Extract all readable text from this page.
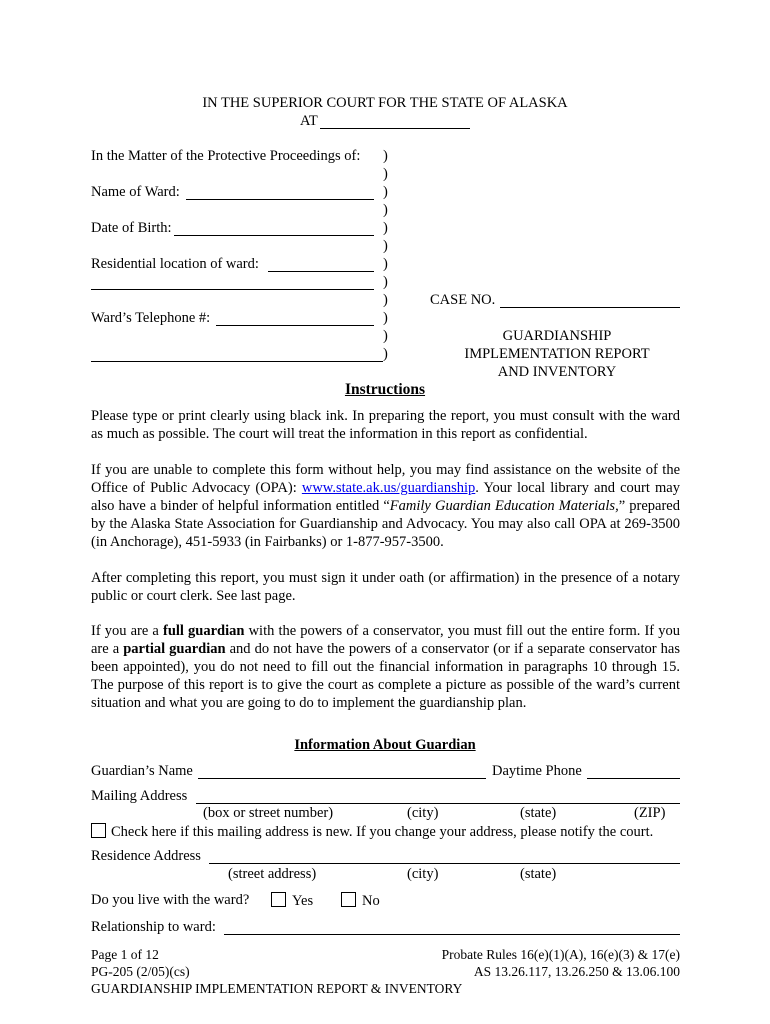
IN THE SUPERIOR COURT FOR THE STATE OF ALASKA
AT
In the Matter of the Protective Proceedings of:
Name of Ward:
Date of Birth:
Residential location of ward:
Ward’s Telephone #:
)
)
)
)
)
)
)
)
)
)
)
)
CASE NO.
GUARDIANSHIP
IMPLEMENTATION REPORT
AND INVENTORY
Instructions
Please type or print clearly using black ink. In preparing the report, you must consult with the ward as much as possible. The court will treat the information in this report as confidential.
If you are unable to complete this form without help, you may find assistance on the website of the Office of Public Advocacy (OPA): www.state.ak.us/guardianship. Your local library and court may also have a binder of helpful information entitled “Family Guardian Education Materials,” prepared by the Alaska State Association for Guardianship and Advocacy. You may also call OPA at 269-3500 (in Anchorage), 451-5933 (in Fairbanks) or 1-877-957-3500.
After completing this report, you must sign it under oath (or affirmation) in the presence of a notary public or court clerk. See last page.
If you are a full guardian with the powers of a conservator, you must fill out the entire form. If you are a partial guardian and do not have the powers of a conservator (or if a separate conservator has been appointed), you do not need to fill out the financial information in paragraphs 10 through 15. The purpose of this report is to give the court as complete a picture as possible of the ward’s current situation and what you are going to do to implement the guardianship plan.
Information About Guardian
Guardian’s Name	Daytime Phone
Mailing Address
(box or street number)	(city)	(state)	(ZIP)
Check here if this mailing address is new. If you change your address, please notify the court.
Residence Address
(street address)	(city)	(state)
Do you live with the ward?	Yes	No
Relationship to ward:
Page 1 of 12
PG-205 (2/05)(cs)
GUARDIANSHIP IMPLEMENTATION REPORT & INVENTORY
Probate Rules 16(e)(1)(A), 16(e)(3) & 17(e)
AS 13.26.117, 13.26.250 & 13.06.100
